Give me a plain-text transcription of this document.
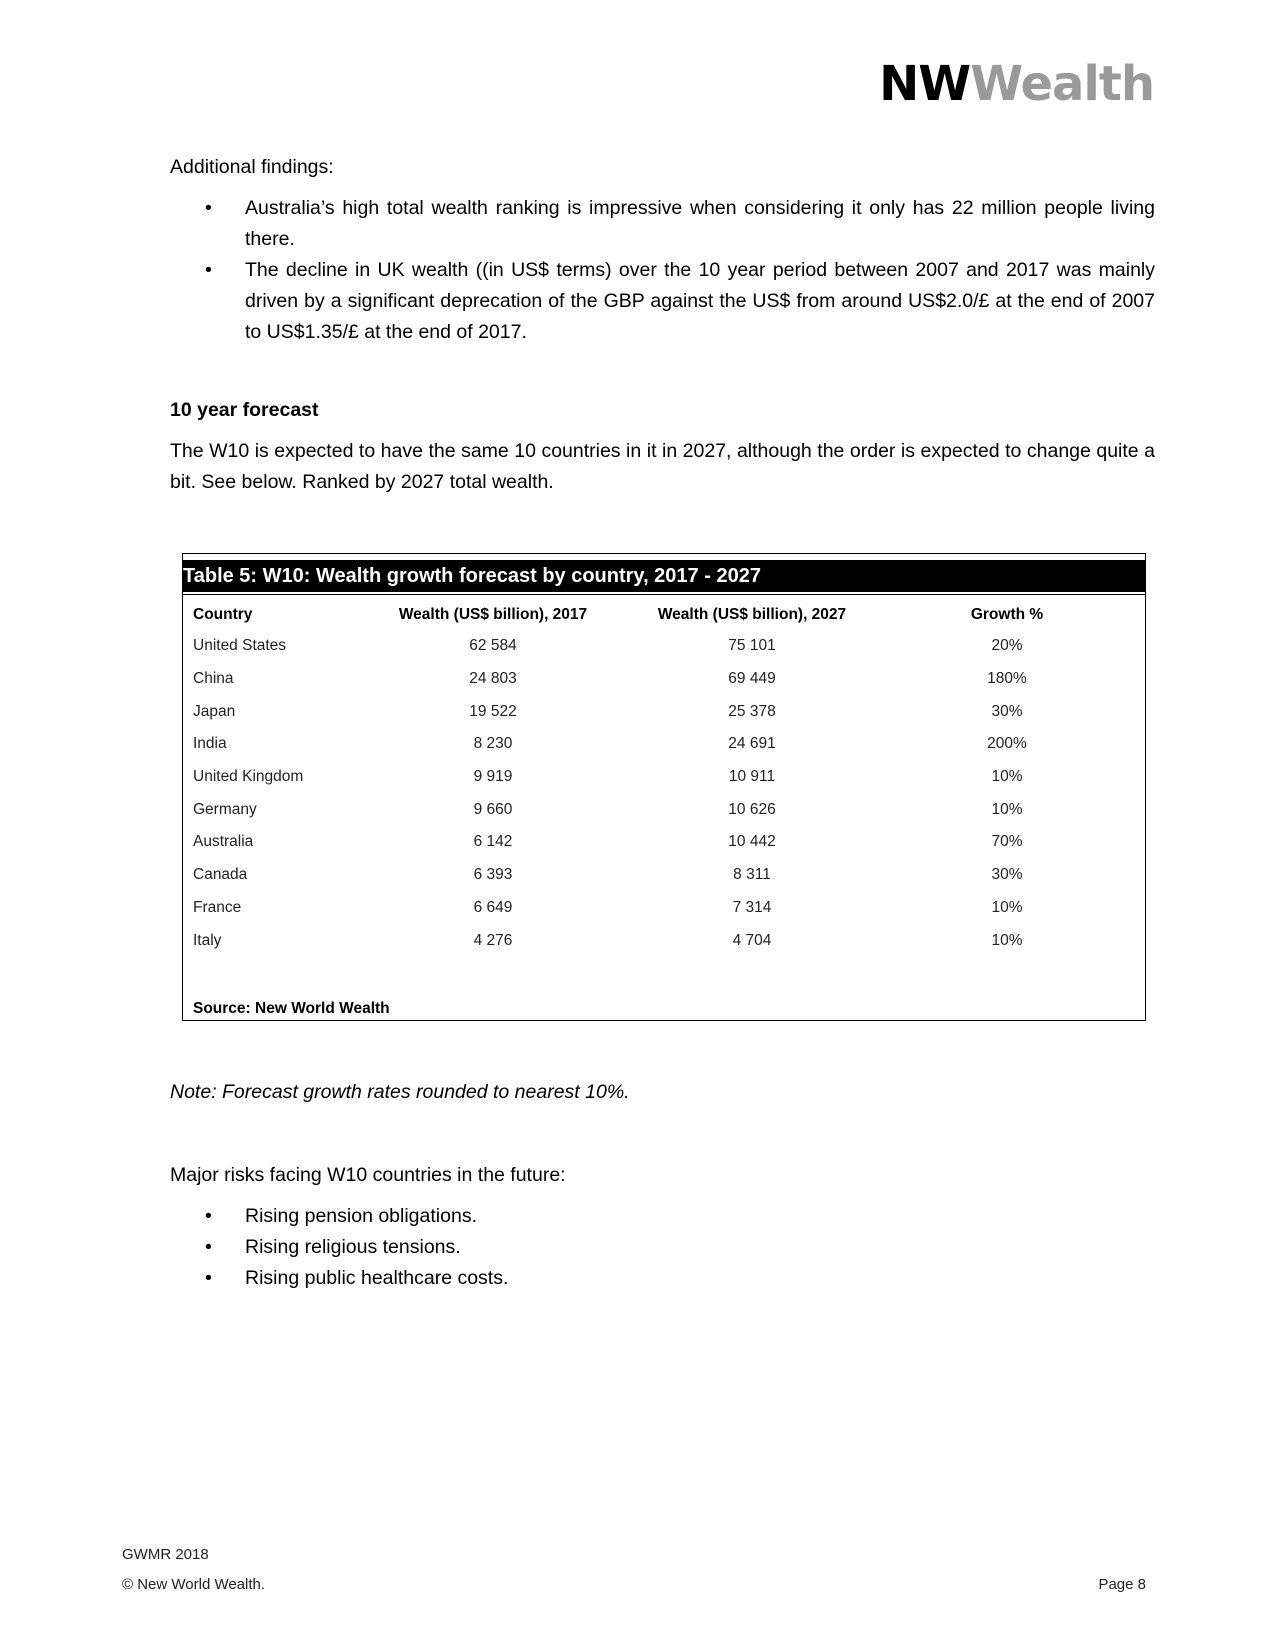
NWWealth

Additional findings:

• Australia’s high total wealth ranking is impressive when considering it only has 22 million people living there.
• The decline in UK wealth ((in US$ terms) over the 10 year period between 2007 and 2017 was mainly driven by a significant deprecation of the GBP against the US$ from around US$2.0/£ at the end of 2007 to US$1.35/£ at the end of 2017.

10 year forecast

The W10 is expected to have the same 10 countries in it in 2027, although the order is expected to change quite a bit. See below. Ranked by 2027 total wealth.

Table 5: W10: Wealth growth forecast by country, 2017 - 2027
Country	Wealth (US$ billion), 2017	Wealth (US$ billion), 2027	Growth %
United States	62 584	75 101	20%
China	24 803	69 449	180%
Japan	19 522	25 378	30%
India	8 230	24 691	200%
United Kingdom	9 919	10 911	10%
Germany	9 660	10 626	10%
Australia	6 142	10 442	70%
Canada	6 393	8 311	30%
France	6 649	7 314	10%
Italy	4 276	4 704	10%
Source: New World Wealth

Note: Forecast growth rates rounded to nearest 10%.

Major risks facing W10 countries in the future:

• Rising pension obligations.
• Rising religious tensions.
• Rising public healthcare costs.
GWMR 2018
© New World Wealth.	Page 8
